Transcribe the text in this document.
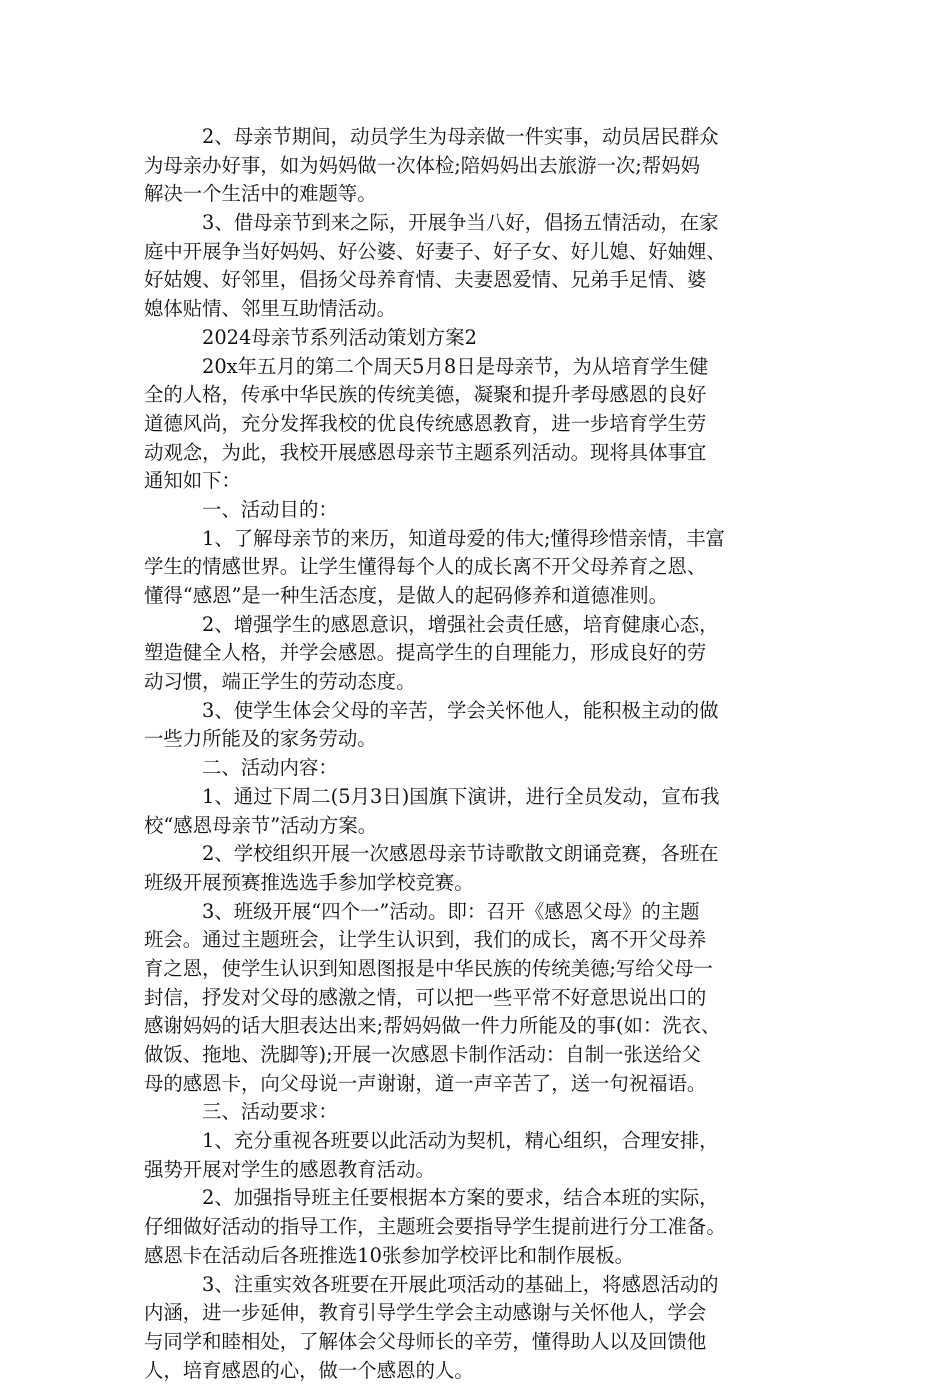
2、母亲节期间，动员学生为母亲做一件实事，动员居民群众
为母亲办好事，如为妈妈做一次体检;陪妈妈出去旅游一次;帮妈妈
解决一个生活中的难题等。
3、借母亲节到来之际，开展争当八好，倡扬五情活动，在家
庭中开展争当好妈妈、好公婆、好妻子、好子女、好儿媳、好妯娌、
好姑嫂、好邻里，倡扬父母养育情、夫妻恩爱情、兄弟手足情、婆
媳体贴情、邻里互助情活动。
2024母亲节系列活动策划方案2
20x年五月的第二个周天5月8日是母亲节，为从培育学生健
全的人格，传承中华民族的传统美德，凝聚和提升孝母感恩的良好
道德风尚，充分发挥我校的优良传统感恩教育，进一步培育学生劳
动观念，为此，我校开展感恩母亲节主题系列活动。现将具体事宜
通知如下：
一、活动目的：
1、了解母亲节的来历，知道母爱的伟大;懂得珍惜亲情，丰富
学生的情感世界。让学生懂得每个人的成长离不开父母养育之恩、
懂得“感恩”是一种生活态度，是做人的起码修养和道德准则。
2、增强学生的感恩意识，增强社会责任感，培育健康心态，
塑造健全人格，并学会感恩。提高学生的自理能力，形成良好的劳
动习惯，端正学生的劳动态度。
3、使学生体会父母的辛苦，学会关怀他人，能积极主动的做
一些力所能及的家务劳动。
二、活动内容：
1、通过下周二(5月3日)国旗下演讲，进行全员发动，宣布我
校“感恩母亲节”活动方案。
2、学校组织开展一次感恩母亲节诗歌散文朗诵竞赛，各班在
班级开展预赛推选选手参加学校竞赛。
3、班级开展“四个一”活动。即：召开《感恩父母》的主题
班会。通过主题班会，让学生认识到，我们的成长，离不开父母养
育之恩，使学生认识到知恩图报是中华民族的传统美德;写给父母一
封信，抒发对父母的感激之情，可以把一些平常不好意思说出口的
感谢妈妈的话大胆表达出来;帮妈妈做一件力所能及的事(如：洗衣、
做饭、拖地、洗脚等);开展一次感恩卡制作活动：自制一张送给父
母的感恩卡，向父母说一声谢谢，道一声辛苦了，送一句祝福语。
三、活动要求：
1、充分重视各班要以此活动为契机，精心组织，合理安排，
强势开展对学生的感恩教育活动。
2、加强指导班主任要根据本方案的要求，结合本班的实际，
仔细做好活动的指导工作，主题班会要指导学生提前进行分工准备。
感恩卡在活动后各班推选10张参加学校评比和制作展板。
3、注重实效各班要在开展此项活动的基础上，将感恩活动的
内涵，进一步延伸，教育引导学生学会主动感谢与关怀他人，学会
与同学和睦相处，了解体会父母师长的辛劳，懂得助人以及回馈他
人，培育感恩的心，做一个感恩的人。
